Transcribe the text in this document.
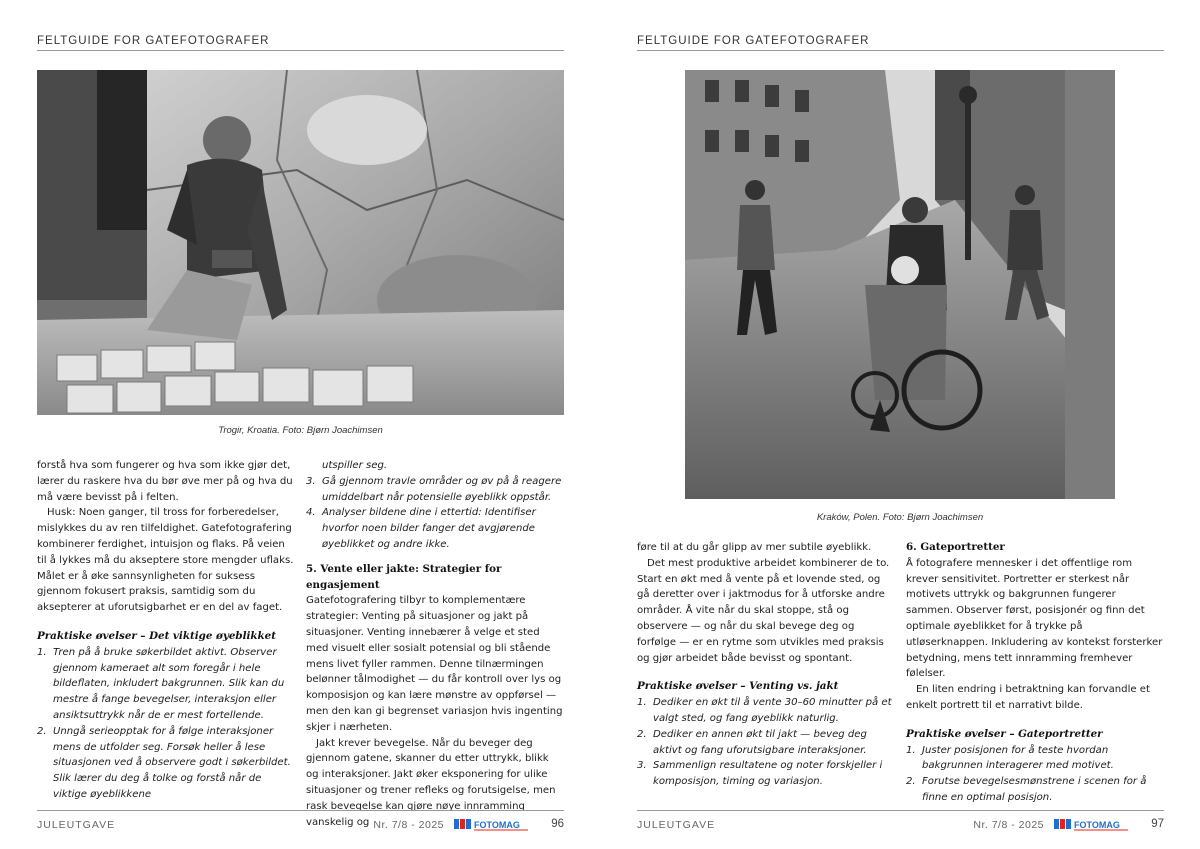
FELTGUIDE FOR GATEFOTOGRAFER
Trogir, Kroatia. Foto: Bjørn Joachimsen

forstå hva som fungerer og hva som ikke gjør det, lærer du raskere hva du bør øve mer på og hva du må være bevisst på i felten.

Husk: Noen ganger, til tross for forberedelser, mislykkes du av ren tilfeldighet. Gatefotografering kombinerer ferdighet, intuisjon og flaks. På veien til å lykkes må du akseptere store mengder uflaks. Målet er å øke sannsynligheten for suksess gjennom fokusert praksis, samtidig som du aksepterer at uforutsigbarhet er en del av faget.

Praktiske øvelser – Det viktige øyeblikket
1. Tren på å bruke søkerbildet aktivt. Observer gjennom kameraet alt som foregår i hele bildeflaten, inkludert bakgrunnen. Slik kan du mestre å fange bevegelser, interaksjon eller ansiktsuttrykk når de er mest fortellende.
2. Unngå serieopptak for å følge interaksjoner mens de utfolder seg. Forsøk heller å lese situasjonen ved å observere godt i søkerbildet. Slik lærer du deg å tolke og forstå når de viktige øyeblikkene
utspiller seg.
3. Gå gjennom travle områder og øv på å reagere umiddelbart når potensielle øyeblikk oppstår.
4. Analyser bildene dine i ettertid: Identifiser hvorfor noen bilder fanger det avgjørende øyeblikket og andre ikke.
5. Vente eller jakte: Strategier for engasjement

Gatefotografering tilbyr to komplementære strategier: Venting på situasjoner og jakt på situasjoner. Venting innebærer å velge et sted med visuelt eller sosialt potensial og bli stående mens livet fyller rammen. Denne tilnærmingen belønner tålmodighet — du får kontroll over lys og komposisjon og kan lære mønstre av oppførsel — men den kan gi begrenset variasjon hvis ingenting skjer i nærheten.

Jakt krever bevegelse. Når du beveger deg gjennom gatene, skanner du etter uttrykk, blikk og interaksjoner. Jakt øker eksponering for ulike situasjoner og trener refleks og forutsigelse, men rask bevegelse kan gjøre nøye innramming vanskelig og

JULEUTGAVE	Nr. 7/8 - 2025	FOTOMAG	96
FELTGUIDE FOR GATEFOTOGRAFER
Kraków, Polen. Foto: Bjørn Joachimsen

føre til at du går glipp av mer subtile øyeblikk.

Det mest produktive arbeidet kombinerer de to. Start en økt med å vente på et lovende sted, og gå deretter over i jaktmodus for å utforske andre områder. Å vite når du skal stoppe, stå og observere — og når du skal bevege deg og forfølge — er en rytme som utvikles med praksis og gjør arbeidet både bevisst og spontant.

Praktiske øvelser – Venting vs. jakt
1. Dediker en økt til å vente 30–60 minutter på et valgt sted, og fang øyeblikk naturlig.
2. Dediker en annen økt til jakt — beveg deg aktivt og fang uforutsigbare interaksjoner.
3. Sammenlign resultatene og noter forskjeller i komposisjon, timing og variasjon.
6. Gateportretter

Å fotografere mennesker i det offentlige rom krever sensitivitet. Portretter er sterkest når motivets uttrykk og bakgrunnen fungerer sammen. Observer først, posisjonér og finn det optimale øyeblikket for å trykke på utløserknappen. Inkludering av kontekst forsterker betydning, mens tett innramming fremhever følelser.

En liten endring i betraktning kan forvandle et enkelt portrett til et narrativt bilde.

Praktiske øvelser – Gateportretter
1. Juster posisjonen for å teste hvordan bakgrunnen interagerer med motivet.
2. Forutse bevegelsesmønstrene i scenen for å finne en optimal posisjon.
JULEUTGAVE	Nr. 7/8 - 2025	FOTOMAG	97
